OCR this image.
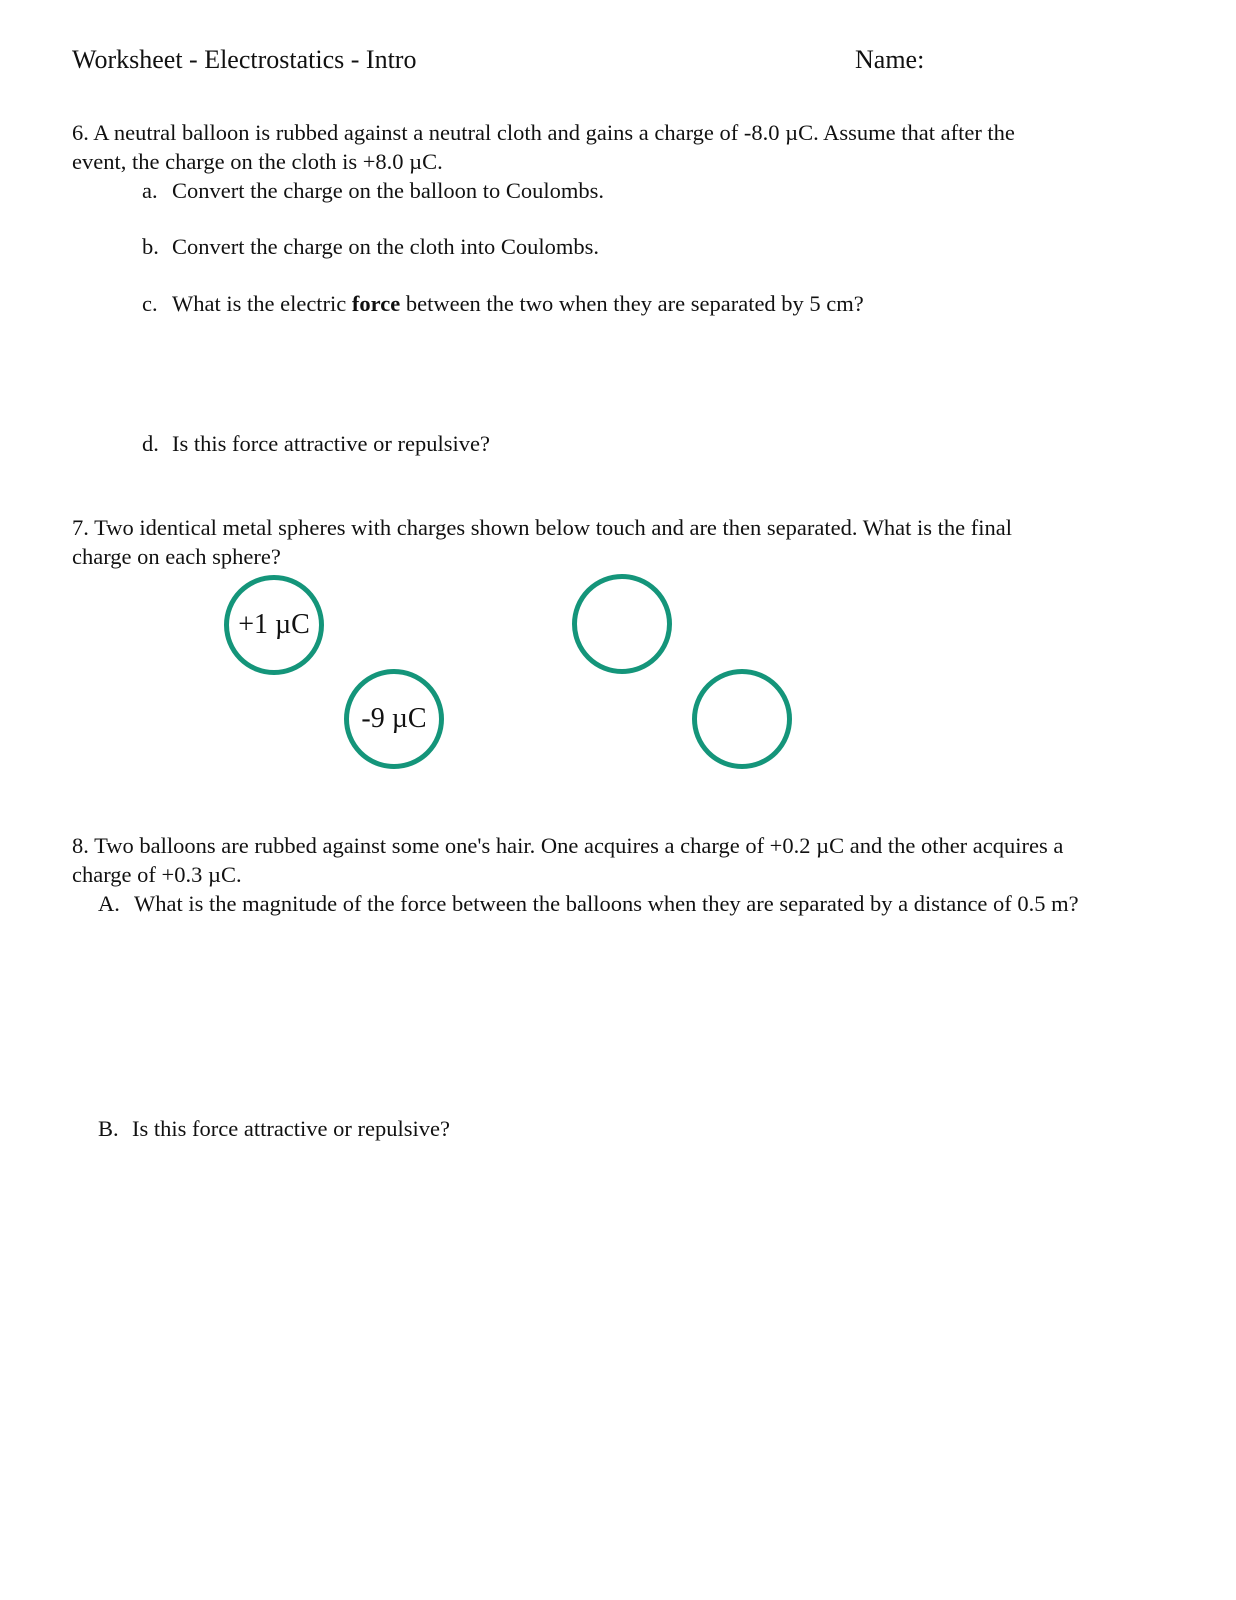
Worksheet - Electrostatics - Intro	Name:

6. A neutral balloon is rubbed against a neutral cloth and gains a charge of -8.0 µC. Assume that after the

event, the charge on the cloth is +8.0 µC.

a. Convert the charge on the balloon to Coulombs.
b. Convert the charge on the cloth into Coulombs.
c. What is the electric force between the two when they are separated by 5 cm?
d. Is this force attractive or repulsive?

7. Two identical metal spheres with charges shown below touch and are then separated. What is the final

charge on each sphere?

+1 µC
-9 µC

8. Two balloons are rubbed against some one's hair. One acquires a charge of +0.2 µC and the other acquires a

charge of +0.3 µC.

A. What is the magnitude of the force between the balloons when they are separated by a distance of 0.5 m?
B. Is this force attractive or repulsive?
